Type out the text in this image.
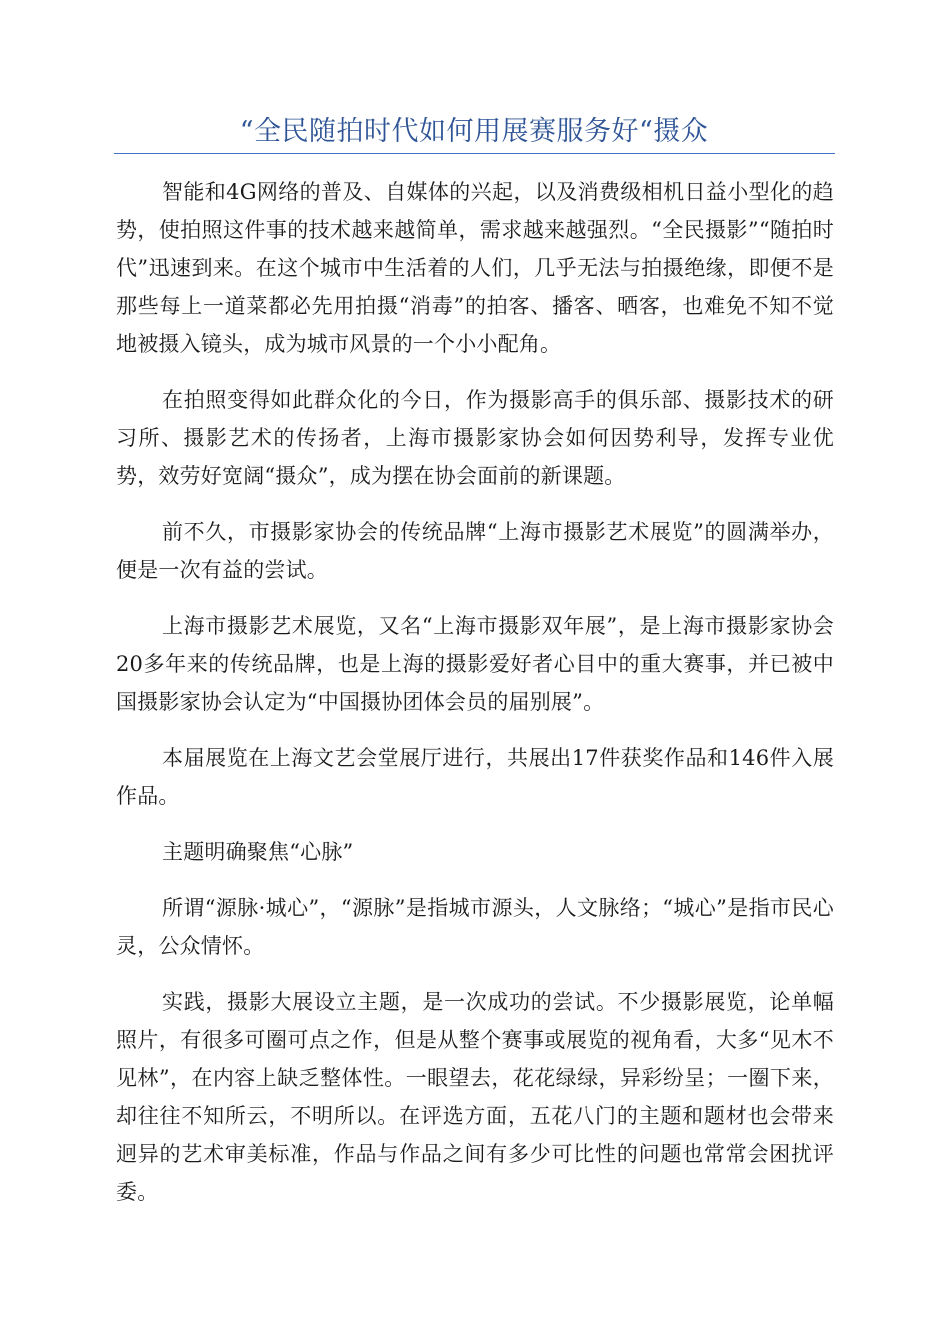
“全民随拍时代如何用展赛服务好“摄众

智能和4G网络的普及、自媒体的兴起，以及消费级相机日益小型化的趋势，使拍照这件事的技术越来越简单，需求越来越强烈。“全民摄影”“随拍时代”迅速到来。在这个城市中生活着的人们，几乎无法与拍摄绝缘，即便不是那些每上一道菜都必先用拍摄“消毒”的拍客、播客、晒客，也难免不知不觉地被摄入镜头，成为城市风景的一个小小配角。

在拍照变得如此群众化的今日，作为摄影高手的俱乐部、摄影技术的研习所、摄影艺术的传扬者，上海市摄影家协会如何因势利导，发挥专业优势，效劳好宽阔“摄众”，成为摆在协会面前的新课题。

前不久，市摄影家协会的传统品牌“上海市摄影艺术展览”的圆满举办，便是一次有益的尝试。

上海市摄影艺术展览，又名“上海市摄影双年展”，是上海市摄影家协会20多年来的传统品牌，也是上海的摄影爱好者心目中的重大赛事，并已被中国摄影家协会认定为“中国摄协团体会员的届别展”。

本届展览在上海文艺会堂展厅进行，共展出17件获奖作品和146件入展作品。

主题明确聚焦“心脉”

所谓“源脉·城心”，“源脉”是指城市源头，人文脉络；“城心”是指市民心灵，公众情怀。

实践，摄影大展设立主题，是一次成功的尝试。不少摄影展览，论单幅照片，有很多可圈可点之作，但是从整个赛事或展览的视角看，大多“见木不见林”，在内容上缺乏整体性。一眼望去，花花绿绿，异彩纷呈；一圈下来，却往往不知所云，不明所以。在评选方面，五花八门的主题和题材也会带来迥异的艺术审美标准，作品与作品之间有多少可比性的问题也常常会困扰评委。
